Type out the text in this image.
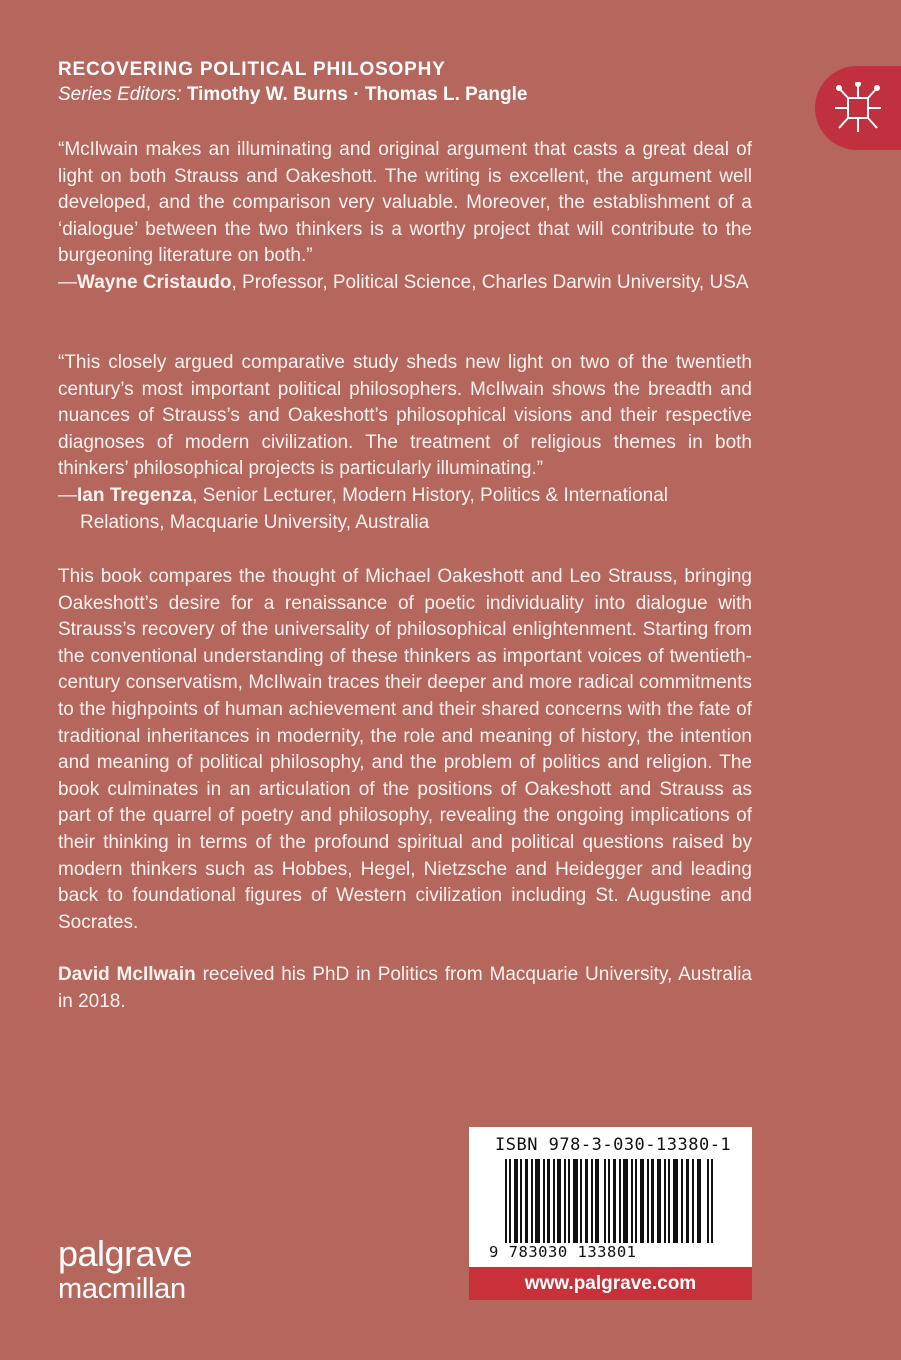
RECOVERING POLITICAL PHILOSOPHY
Series Editors: Timothy W. Burns · Thomas L. Pangle
“McIlwain makes an illuminating and original argument that casts a great deal of light on both Strauss and Oakeshott. The writing is excellent, the argument well developed, and the comparison very valuable. Moreover, the establishment of a ‘dialogue’ between the two thinkers is a worthy project that will contribute to the burgeoning literature on both.”
—Wayne Cristaudo, Professor, Political Science, Charles Darwin University, USA
“This closely argued comparative study sheds new light on two of the twentieth century’s most important political philosophers. McIlwain shows the breadth and nuances of Strauss’s and Oakeshott’s philosophical visions and their respective diagnoses of modern civilization. The treatment of religious themes in both thinkers’ philosophical projects is particularly illuminating.”
—Ian Tregenza, Senior Lecturer, Modern History, Politics & International Relations, Macquarie University, Australia
This book compares the thought of Michael Oakeshott and Leo Strauss, bringing Oakeshott’s desire for a renaissance of poetic individuality into dialogue with Strauss’s recovery of the universality of philosophical enlightenment. Starting from the conventional understanding of these thinkers as important voices of twentieth-century conservatism, McIlwain traces their deeper and more radical commitments to the highpoints of human achievement and their shared concerns with the fate of traditional inheritances in modernity, the role and meaning of history, the intention and meaning of political philosophy, and the problem of politics and religion. The book culminates in an articulation of the positions of Oakeshott and Strauss as part of the quarrel of poetry and philosophy, revealing the ongoing implications of their thinking in terms of the profound spiritual and political questions raised by modern thinkers such as Hobbes, Hegel, Nietzsche and Heidegger and leading back to foundational figures of Western civilization including St. Augustine and Socrates.
David McIlwain received his PhD in Politics from Macquarie University, Australia in 2018.
ISBN 978-3-030-13380-1
9 783030 133801
www.palgrave.com
palgrave
macmillan
